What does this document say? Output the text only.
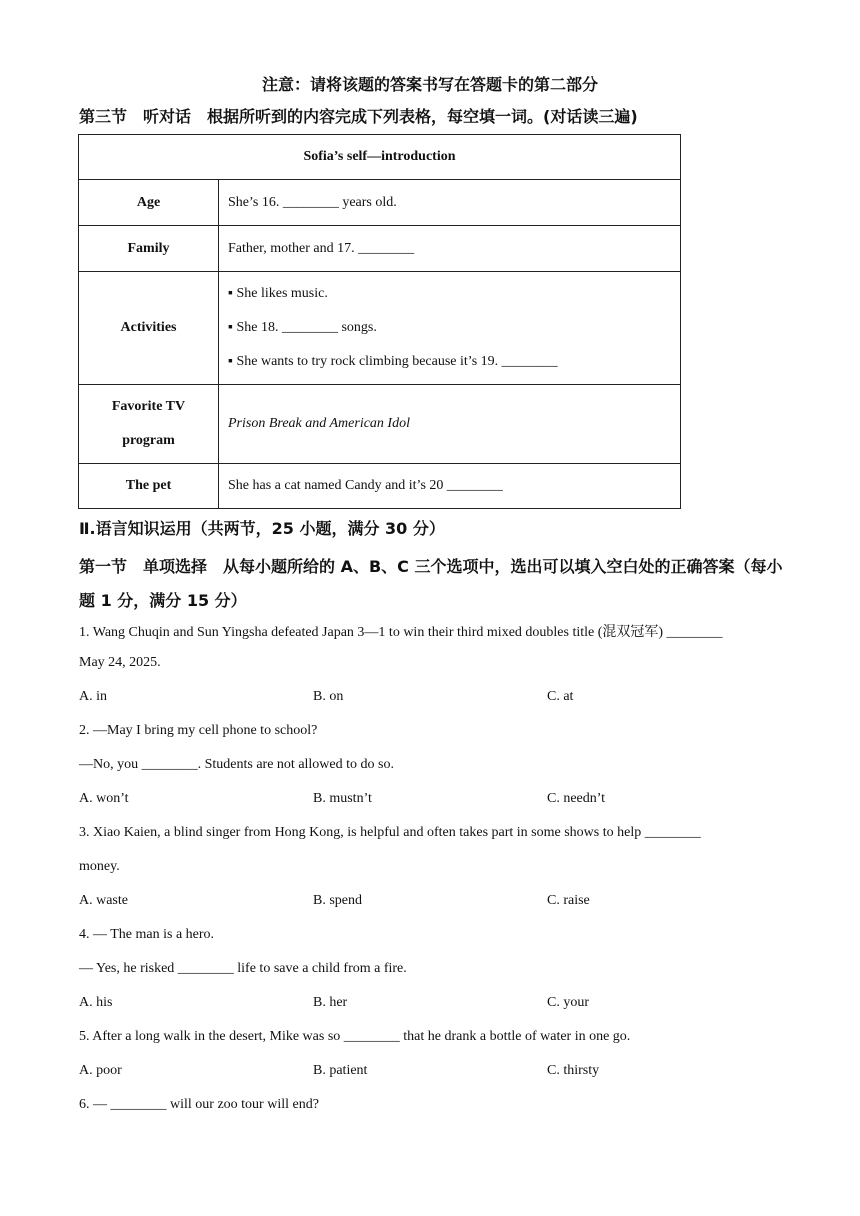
注意：请将该题的答案书写在答题卡的第二部分
第三节 听对话 根据所听到的内容完成下列表格，每空填一词。(对话读三遍)
Sofia’s self—introduction	
Age	She’s 16. ________ years old.
Family	Father, mother and 17. ________
Activities	▪ She likes music.
▪ She 18. ________ songs.
▪ She wants to try rock climbing because it’s 19. ________

Favorite TV
program	Prison Break and American Idol
The pet	She has a cat named Candy and it’s 20 ________
Ⅱ.语言知识运用（共两节，25 小题，满分 30 分）
第一节　单项选择　从每小题所给的 A、B、C 三个选项中，选出可以填入空白处的正确答案（每小题 1 分，满分 15 分）
1. Wang Chuqin and Sun Yingsha defeated Japan 3—1 to win their third mixed doubles title (混双冠军) ________
May 24, 2025.
A. in	B. on	C. at
2. —May I bring my cell phone to school?
—No, you ________. Students are not allowed to do so.
A. won’t	B. mustn’t	C. needn’t
3. Xiao Kaien, a blind singer from Hong Kong, is helpful and often takes part in some shows to help ________
money.
A. waste	B. spend	C. raise
4. — The man is a hero.
— Yes, he risked ________ life to save a child from a fire.
A. his	B. her	C. your
5. After a long walk in the desert, Mike was so ________ that he drank a bottle of water in one go.
A. poor	B. patient	C. thirsty
6. — ________ will our zoo tour will end?
